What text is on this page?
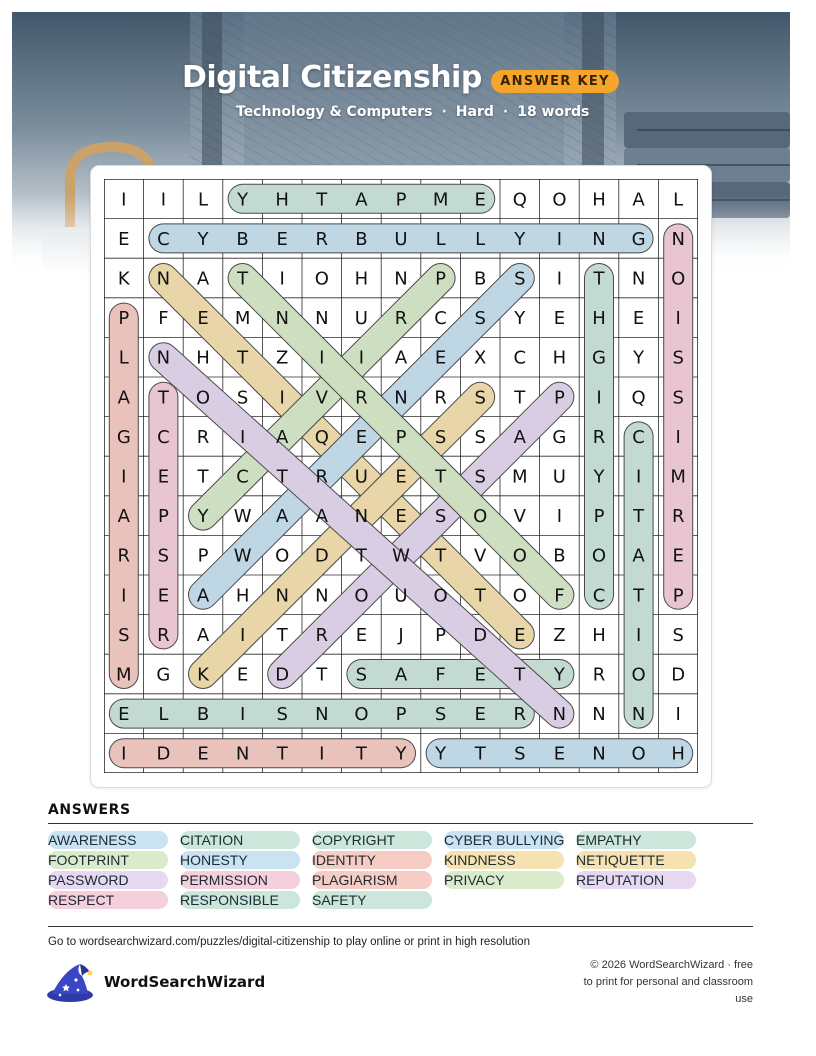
Digital Citizenship	ANSWER KEY
Technology & Computers · Hard · 18 words
I I L Y H T A P M E Q O H A L
E C Y B E R B U L L Y I N G N
K N A T I O H N P B S I T N O
P F E M N N U R C S Y E H E I
L N H T Z I I A E X C H G Y S
A T O S I V R N R S T P I Q S
G C R I A Q E P S S A G R C I
I E T C T R U E T S M U Y I M
A P Y W A A N E S O V I P T R
R S P W O D T W T V O B O A E
I E A H N N O U O T O F C T P
S R A I T R E J P D E Z H I S
M G K E D T S A F E T Y R O D
E L B I S N O P S E R N N N I
I D E N T I T Y Y T S E N O H
ANSWERS
AWARENESS
FOOTPRINT
PASSWORD
RESPECT
CITATION
HONESTY
PERMISSION
RESPONSIBLE
COPYRIGHT
IDENTITY
PLAGIARISM
SAFETY
CYBER BULLYING
KINDNESS
PRIVACY
EMPATHY
NETIQUETTE
REPUTATION
Go to wordsearchwizard.com/puzzles/digital-citizenship to play online or print in high resolution
WordSearchWizard
© 2026 WordSearchWizard · free to print for personal and classroom use
